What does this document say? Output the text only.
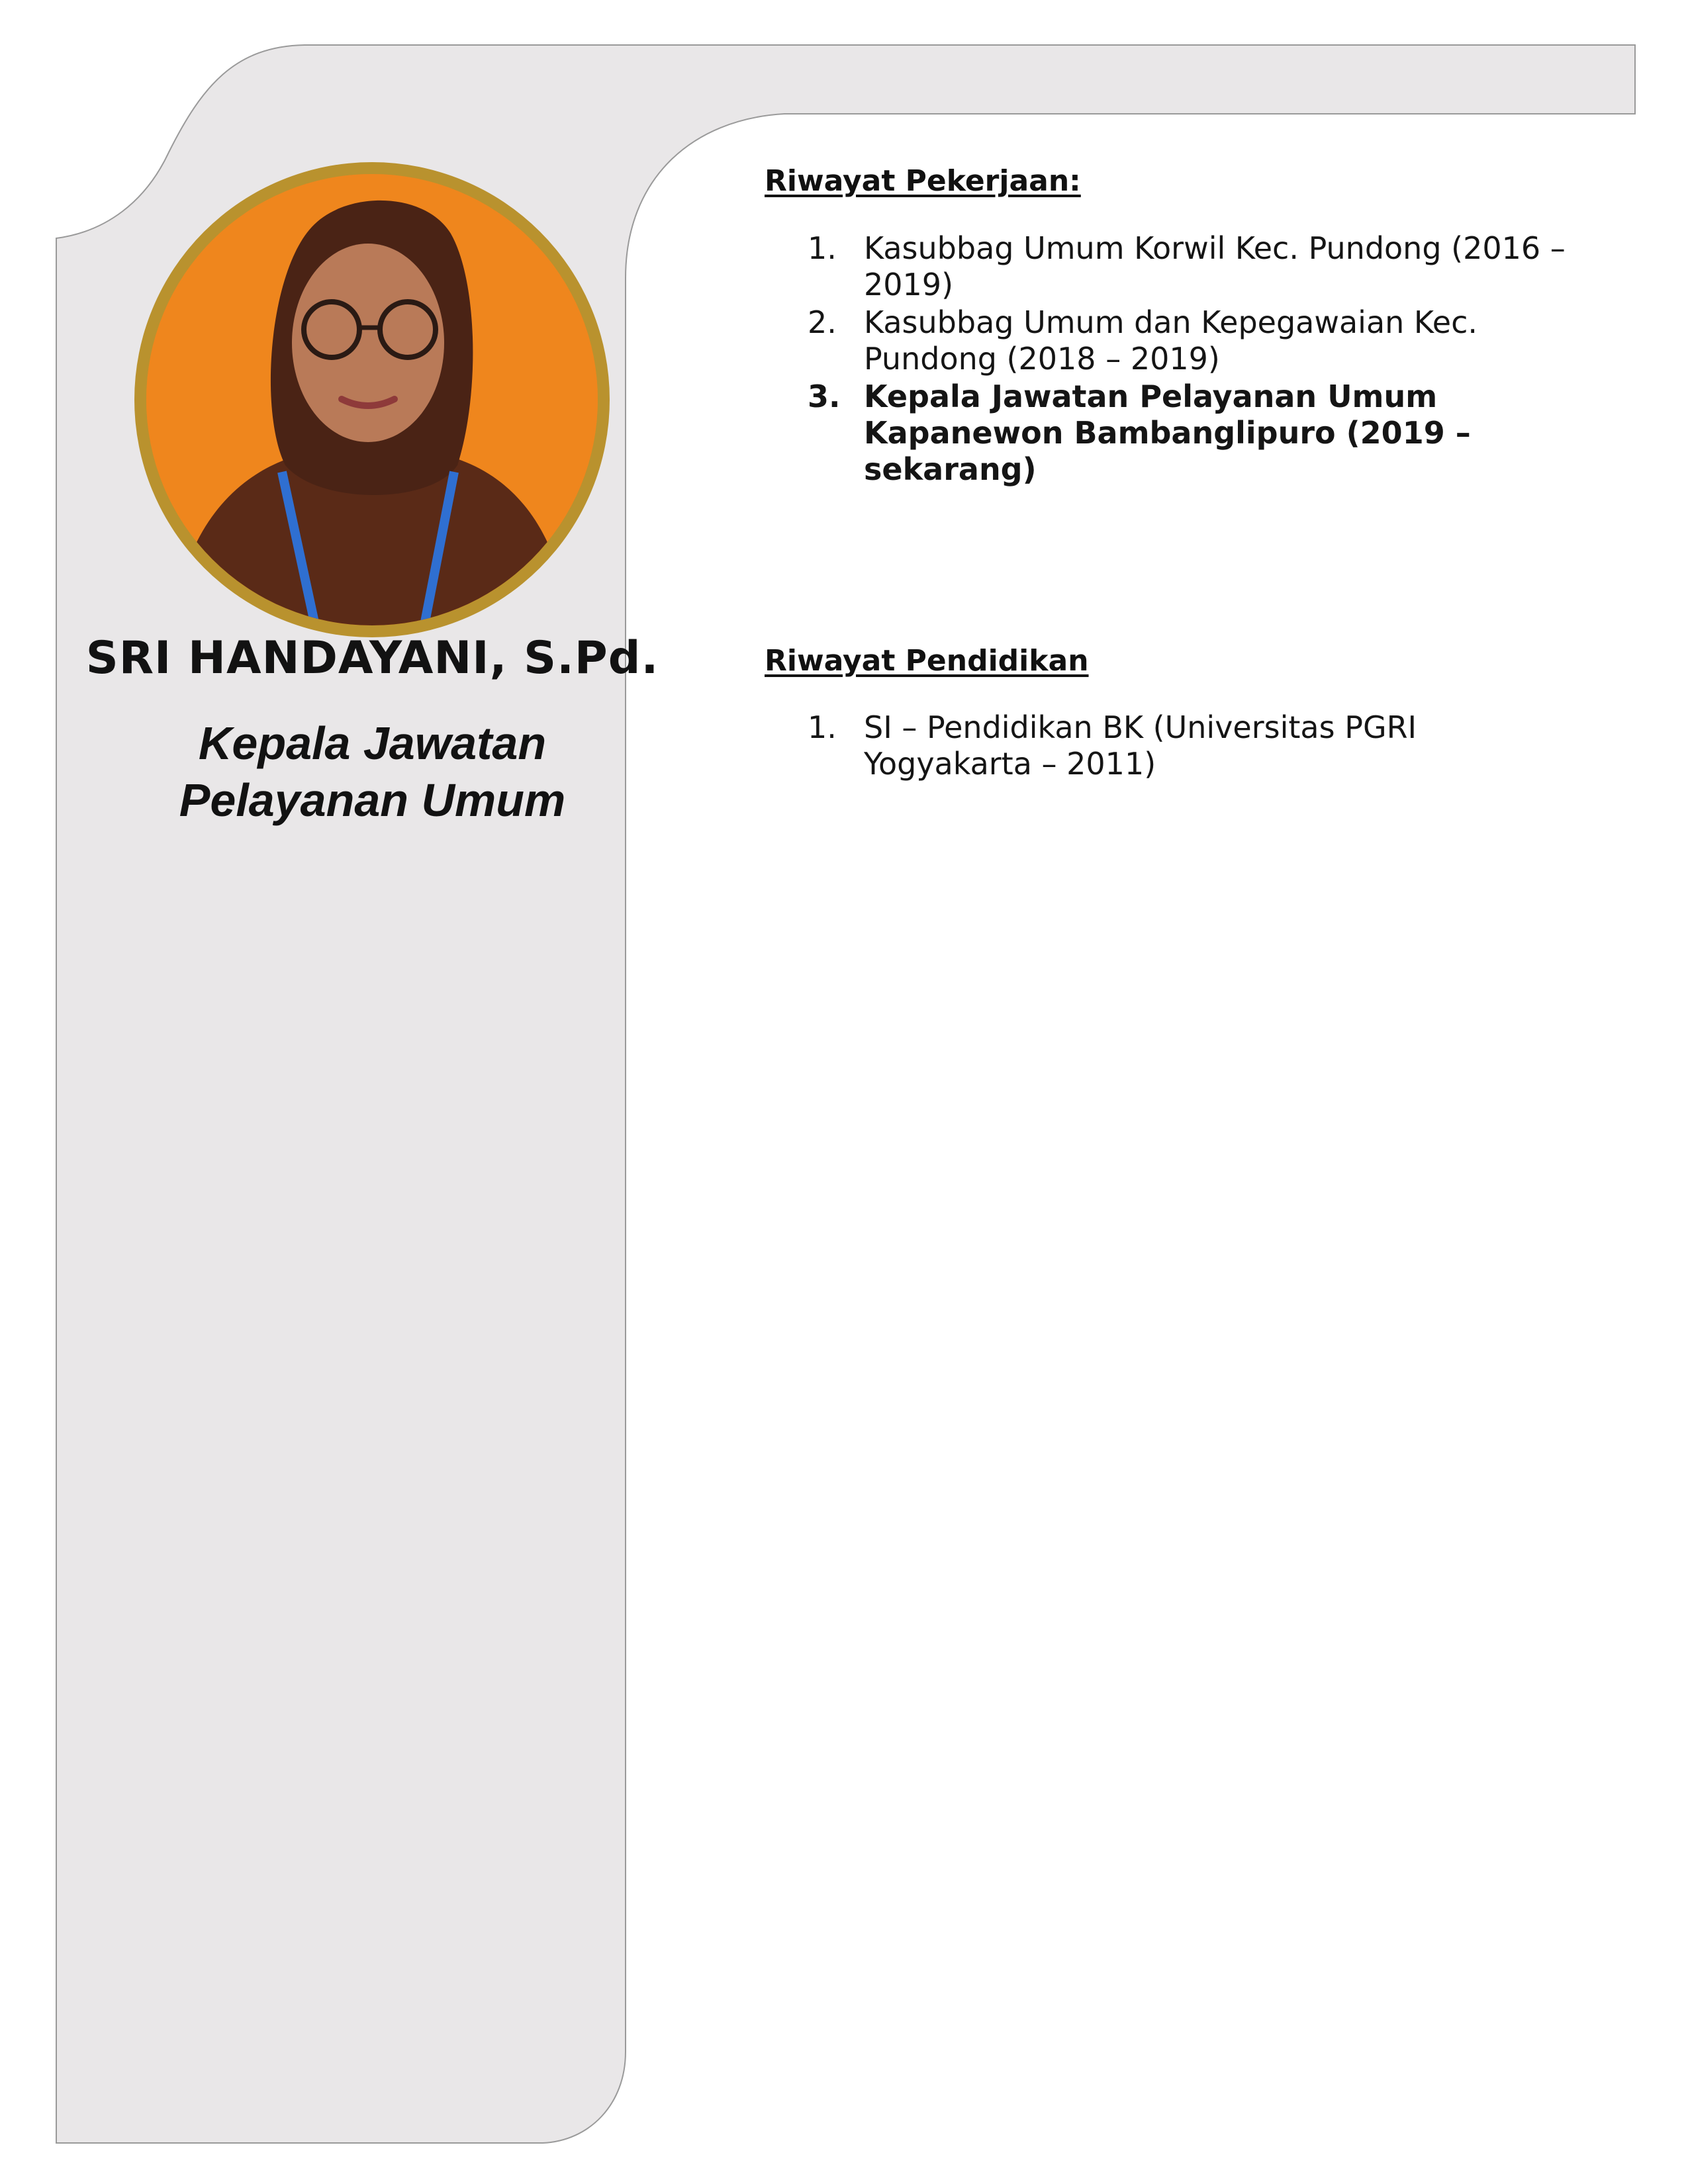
SRI HANDAYANI, S.Pd.
Kepala Jawatan
Pelayanan Umum
Riwayat Pekerjaan:
1. Kasubbag Umum Korwil Kec. Pundong (2016 – 2019)
2. Kasubbag Umum dan Kepegawaian Kec. Pundong (2018 – 2019)
3. Kepala Jawatan Pelayanan Umum Kapanewon Bambanglipuro (2019 – sekarang)
Riwayat Pendidikan
1. SI – Pendidikan BK (Universitas PGRI Yogyakarta – 2011)
